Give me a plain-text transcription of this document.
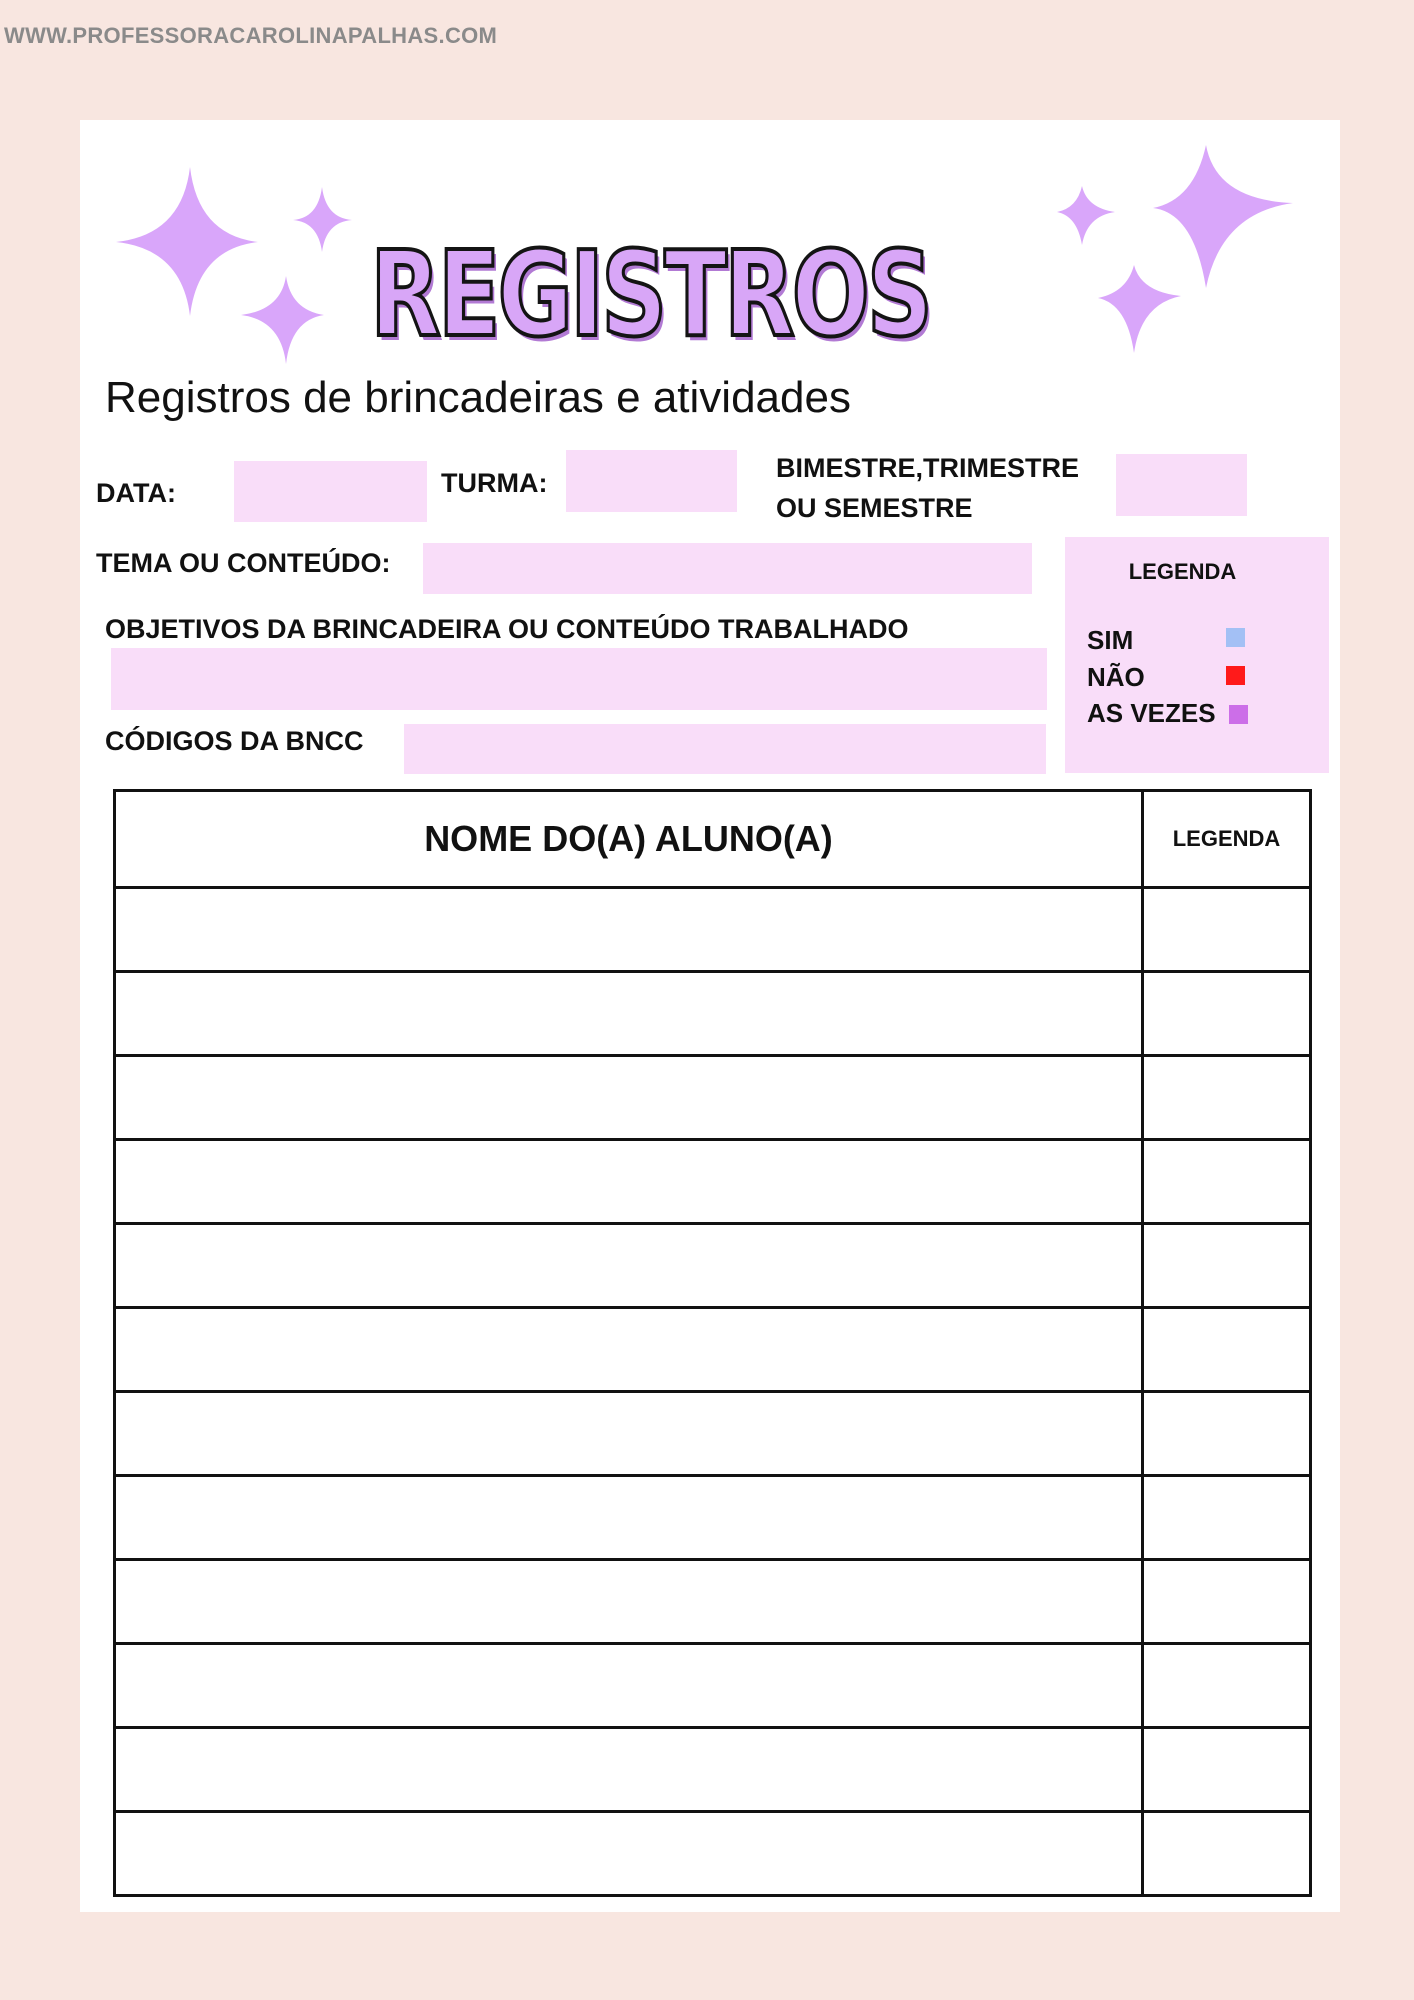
WWW.PROFESSORACAROLINAPALHAS.COM
REGISTROS
Registros de brincadeiras e atividades
DATA:	TURMA:	BIMESTRE,TRIMESTRE
OU SEMESTRE
TEMA OU CONTEÚDO:
OBJETIVOS DA BRINCADEIRA OU CONTEÚDO TRABALHADO
CÓDIGOS DA BNCC
LEGENDA
SIM
NÃO
AS VEZES
NOME DO(A) ALUNO(A)	LEGENDA
